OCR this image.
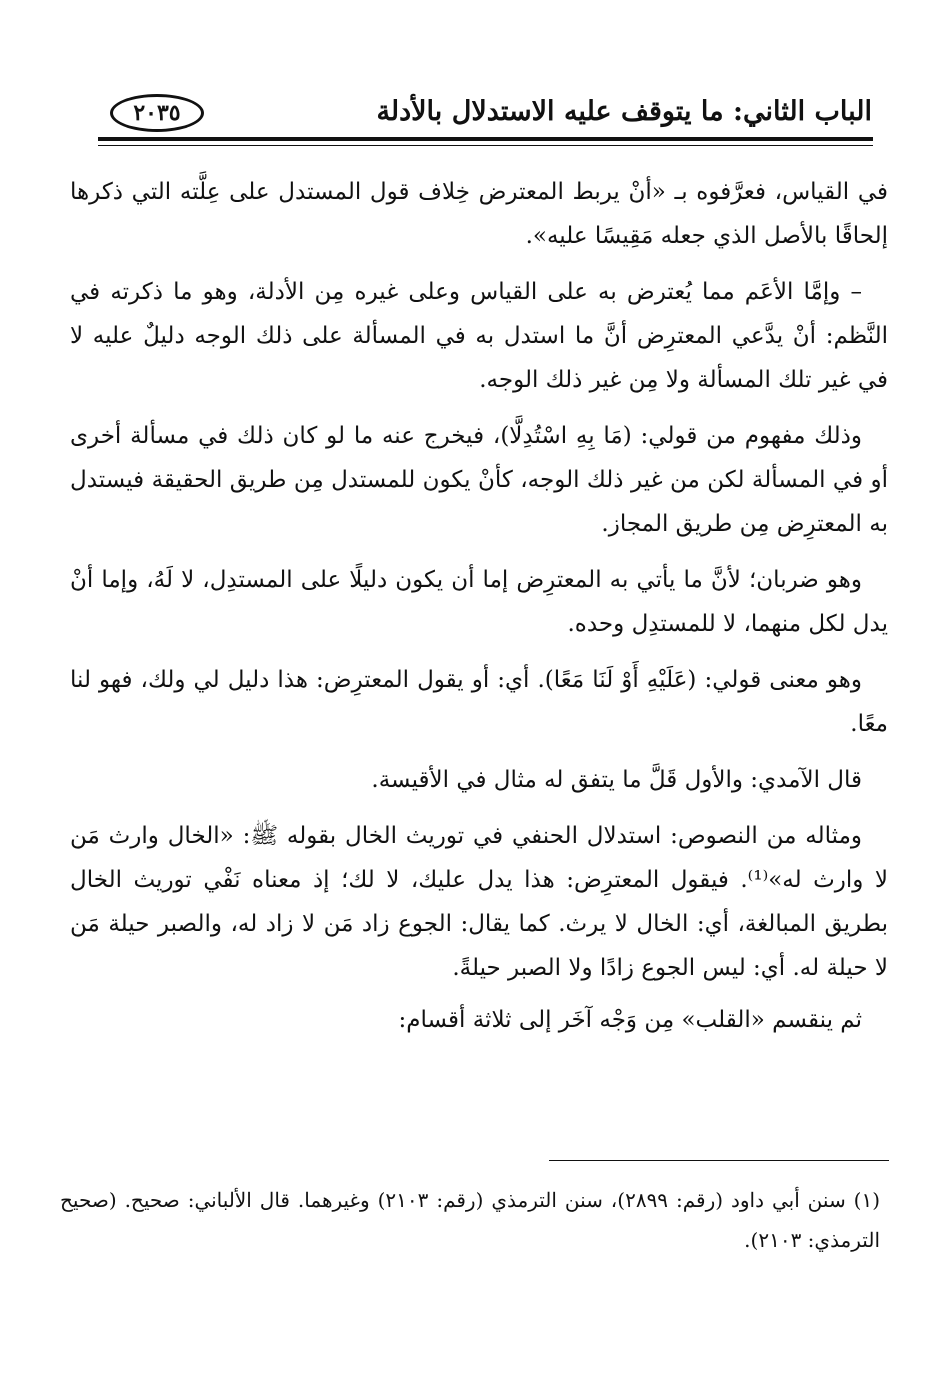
الباب الثاني: ما يتوقف عليه الاستدلال بالأدلة
٢٠٣٥

في القياس، فعرَّفوه بـ «أنْ يربط المعترض خِلاف قول المستدل على عِلَّته التي ذكرها إلحاقًا بالأصل الذي جعله مَقِيسًا عليه».

– وإمَّا الأعَم مما يُعترض به على القياس وعلى غيره مِن الأدلة، وهو ما ذكرته في النَّظم: أنْ يدَّعي المعترِض أنَّ ما استدل به في المسألة على ذلك الوجه دليلٌ عليه لا في غير تلك المسألة ولا مِن غير ذلك الوجه.

وذلك مفهوم من قولي: (مَا بِهِ اسْتُدِلَّا)، فيخرج عنه ما لو كان ذلك في مسألة أخرى أو في المسألة لكن من غير ذلك الوجه، كأنْ يكون للمستدل مِن طريق الحقيقة فيستدل به المعترِض مِن طريق المجاز.

وهو ضربان؛ لأنَّ ما يأتي به المعترِض إما أن يكون دليلًا على المستدِل، لا لَهُ، وإما أنْ يدل لكل منهما، لا للمستدِل وحده.

وهو معنى قولي: (عَلَيْهِ أَوْ لَنَا مَعًا). أي: أو يقول المعترِض: هذا دليل لي ولك، فهو لنا معًا.

قال الآمدي: والأول قَلَّ ما يتفق له مثال في الأقيسة.

ومثاله من النصوص: استدلال الحنفي في توريث الخال بقوله ﷺ: «الخال وارث مَن لا وارث له»⁽¹⁾. فيقول المعترِض: هذا يدل عليك، لا لك؛ إذ معناه نَفْي توريث الخال بطريق المبالغة، أي: الخال لا يرث. كما يقال: الجوع زاد مَن لا زاد له، والصبر حيلة مَن لا حيلة له. أي: ليس الجوع زادًا ولا الصبر حيلةً.

ثم ينقسم «القلب» مِن وَجْه آخَر إلى ثلاثة أقسام:

(١) سنن أبي داود (رقم: ٢٨٩٩)، سنن الترمذي (رقم: ٢١٠٣) وغيرهما. قال الألباني: صحيح. (صحيح الترمذي: ٢١٠٣).
